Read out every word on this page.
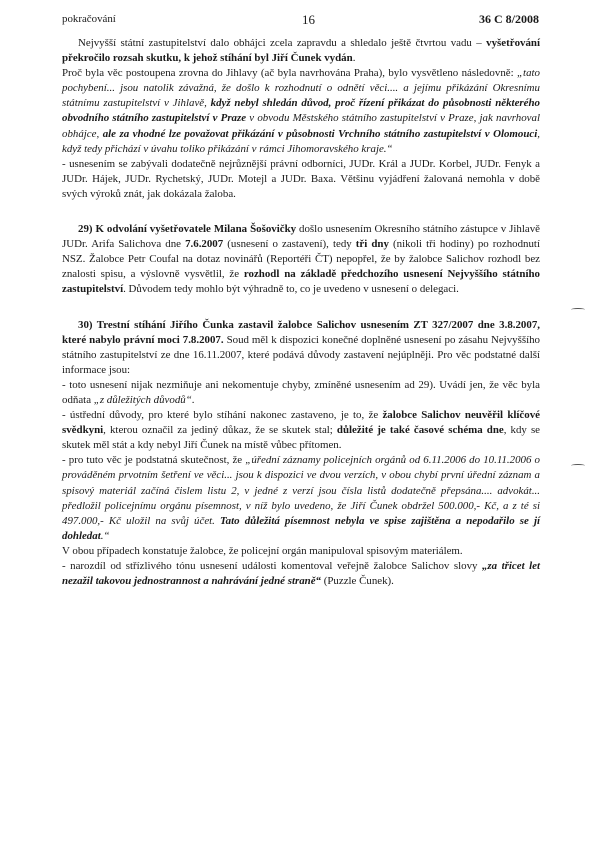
pokračování	16	36 C 8/2008

Nejvyšší státní zastupitelství dalo obhájci zcela zapravdu a shledalo ještě čtvrtou vadu – vyšetřování překročilo rozsah skutku, k jehož stíhání byl Jiří Čunek vydán.

Proč byla věc postoupena zrovna do Jihlavy (ač byla navrhována Praha), bylo vysvětleno následovně: „tato pochybení... jsou natolik závažná, že došlo k rozhodnutí o odnětí věci.... a jejímu přikázání Okresnímu státnímu zastupitelství v Jihlavě, když nebyl shledán důvod, proč řízení přikázat do působnosti některého obvodního státního zastupitelství v Praze v obvodu Městského státního zastupitelství v Praze, jak navrhoval obhájce, ale za vhodné lze považovat přikázání v působnosti Vrchního státního zastupitelství v Olomouci, když tedy přichází v úvahu toliko přikázání v rámci Jihomoravského kraje.“

- usnesením se zabývali dodatečně nejrůznější právní odborníci, JUDr. Král a JUDr. Korbel, JUDr. Fenyk a JUDr. Hájek, JUDr. Rychetský, JUDr. Motejl a JUDr. Baxa. Většinu vyjádření žalovaná nemohla v době svých výroků znát, jak dokázala žaloba.

29) K odvolání vyšetřovatele Milana Šošovičky došlo usnesením Okresního státního zástupce v Jihlavě JUDr. Arifa Salichova dne 7.6.2007 (usnesení o zastavení), tedy tři dny (nikoli tři hodiny) po rozhodnutí NSZ. Žalobce Petr Coufal na dotaz novinářů (Reportéři ČT) nepopřel, že by žalobce Salichov rozhodl bez znalosti spisu, a výslovně vysvětlil, že rozhodl na základě předchozího usnesení Nejvyššího státního zastupitelství. Důvodem tedy mohlo být výhradně to, co je uvedeno v usnesení o delegaci.

30) Trestní stíhání Jiřího Čunka zastavil žalobce Salichov usnesením ZT 327/2007 dne 3.8.2007, které nabylo právní moci 7.8.2007. Soud měl k dispozici konečné doplněné usnesení po zásahu Nejvyššího státního zastupitelství ze dne 16.11.2007, které podává důvody zastavení nejúplněji. Pro věc podstatné další informace jsou:

- toto usnesení nijak nezmiňuje ani nekomentuje chyby, zmíněné usnesením ad 29). Uvádí jen, že věc byla odňata „z důležitých důvodů“.

- ústřední důvody, pro které bylo stíhání nakonec zastaveno, je to, že žalobce Salichov neuvěřil klíčové svědkyni, kterou označil za jediný důkaz, že se skutek stal; důležité je také časové schéma dne, kdy se skutek měl stát a kdy nebyl Jiří Čunek na místě vůbec přítomen.

- pro tuto věc je podstatná skutečnost, že „úřední záznamy policejních orgánů od 6.11.2006 do 10.11.2006 o prováděném prvotním šetření ve věci... jsou k dispozici ve dvou verzích, v obou chybí první úřední záznam a spisový materiál začíná čislem listu 2, v jedné z verzí jsou čísla listů dodatečně přepsána.... advokát... předložil policejnímu orgánu písemnost, v níž bylo uvedeno, že Jiří Čunek obdržel 500.000,- Kč, a z té si 497.000,- Kč uložil na svůj účet. Tato důležitá písemnost nebyla ve spise zajištěna a nepodařilo se jí dohledat.“

V obou případech konstatuje žalobce, že policejní orgán manipuloval spisovým materiálem.

- narozdíl od střízlivého tónu usnesení události komentoval veřejně žalobce Salichov slovy „za třicet let nezažil takovou jednostrannost a nahrávání jedné straně“ (Puzzle Čunek).
